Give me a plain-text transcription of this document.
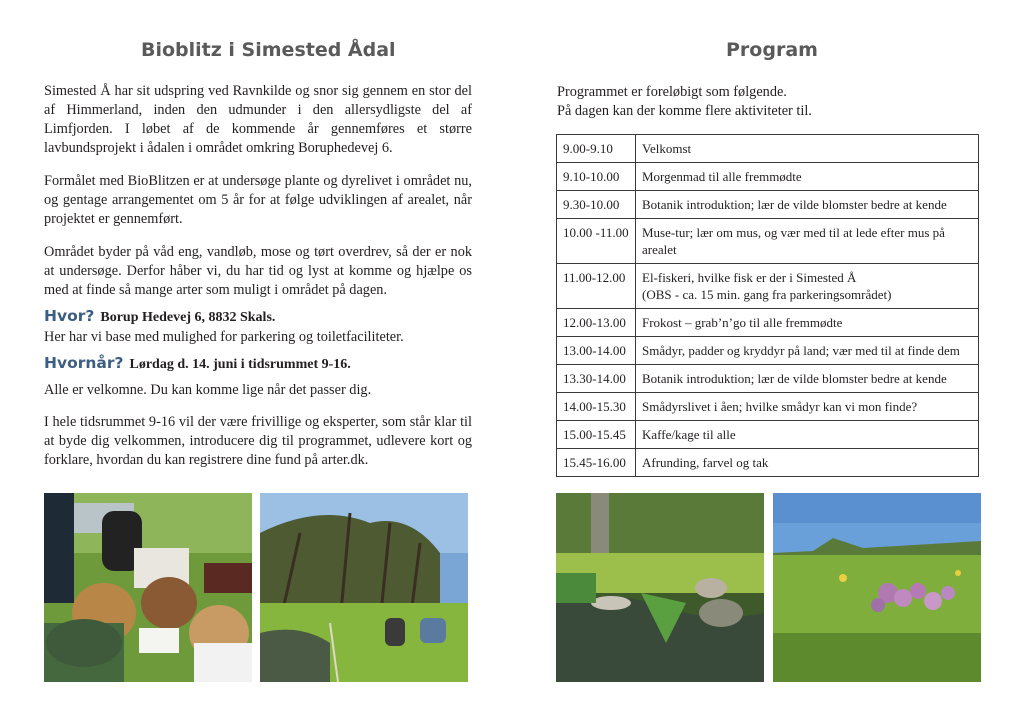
Bioblitz i Simested Ådal

Simested Å har sit udspring ved Ravnkilde og snor sig gennem en stor del af Himmerland, inden den udmunder i den allersydligste del af Limfjorden. I løbet af de kommende år gennemføres et større lavbundsprojekt i ådalen i området omkring Boruphedevej 6.

Formålet med BioBlitzen er at undersøge plante og dyrelivet i området nu, og gentage arrangementet om 5 år for at følge udviklingen af arealet, når projektet er gennemført.

Området byder på våd eng, vandløb, mose og tørt overdrev, så der er nok at undersøge. Derfor håber vi, du har tid og lyst at komme og hjælpe os med at finde så mange arter som muligt i området på dagen.

Hvor? Borup Hedevej 6, 8832 Skals.

Her har vi base med mulighed for parkering og toiletfaciliteter.

Hvornår? Lørdag d. 14. juni i tidsrummet 9-16.

Alle er velkomne. Du kan komme lige når det passer dig.

I hele tidsrummet 9-16 vil der være frivillige og eksperter, som står klar til at byde dig velkommen, introducere dig til programmet, udlevere kort og forklare, hvordan du kan registrere dine fund på arter.dk.

Program

Programmet er foreløbigt som følgende.

På dagen kan der komme flere aktiviteter til.

9.00-9.10	Velkomst
9.10-10.00	Morgenmad til alle fremmødte
9.30-10.00	Botanik introduktion; lær de vilde blomster bedre at kende
10.00 -11.00	Muse-tur; lær om mus, og vær med til at lede efter mus på arealet
11.00-12.00	El-fiskeri, hvilke fisk er der i Simested Å
(OBS - ca. 15 min. gang fra parkeringsområdet)
12.00-13.00	Frokost – grab’n’go til alle fremmødte
13.00-14.00	Smådyr, padder og kryddyr på land; vær med til at finde dem
13.30-14.00	Botanik introduktion; lær de vilde blomster bedre at kende
14.00-15.30	Smådyrslivet i åen; hvilke smådyr kan vi mon finde?
15.00-15.45	Kaffe/kage til alle
15.45-16.00	Afrunding, farvel og tak
